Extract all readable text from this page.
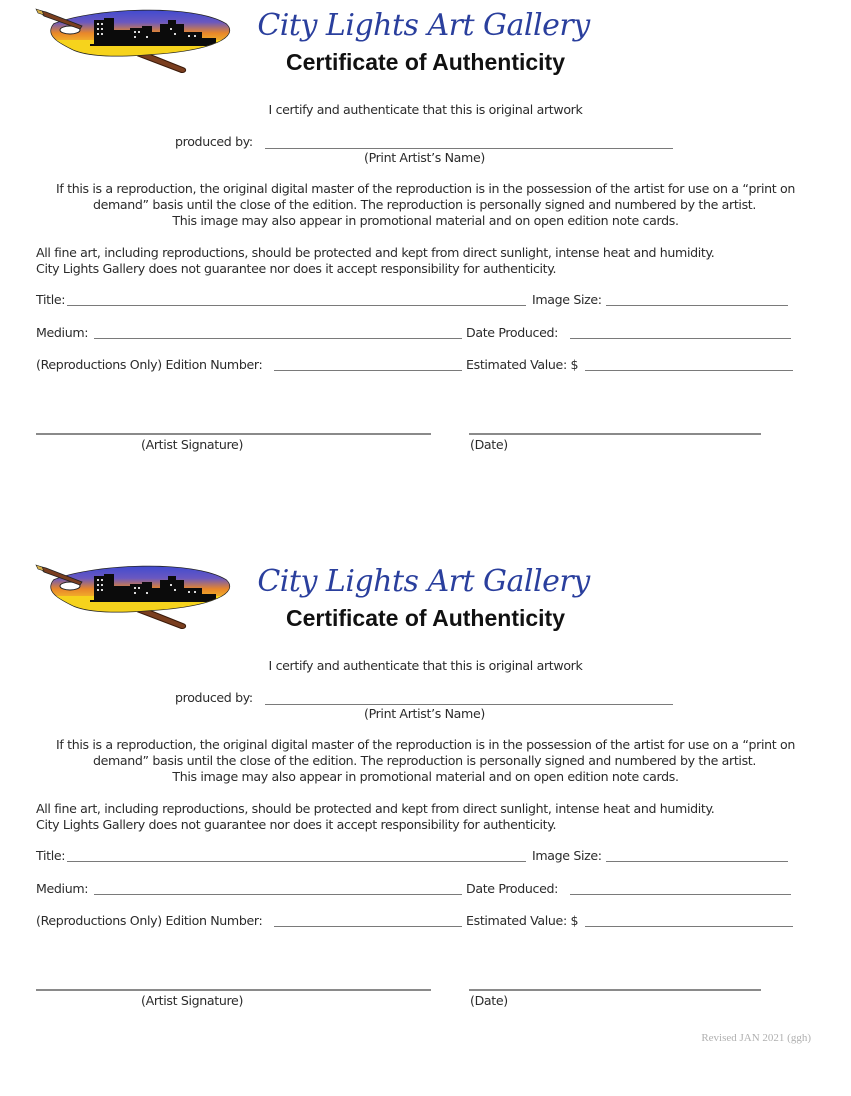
City Lights Art Gallery
Certificate of Authenticity
I certify and authenticate that this is original artwork
produced by:
(Print Artist’s Name)
If this is a reproduction, the original digital master of the reproduction is in the possession of the artist for use on a “print on
demand” basis until the close of the edition. The reproduction is personally signed and numbered by the artist.
This image may also appear in promotional material and on open edition note cards.
All fine art, including reproductions, should be protected and kept from direct sunlight, intense heat and humidity.
City Lights Gallery does not guarantee nor does it accept responsibility for authenticity.
Title:	Image Size:
Medium:	Date Produced:
(Reproductions Only) Edition Number:	Estimated Value: $
(Artist Signature)	(Date)
City Lights Art Gallery
Certificate of Authenticity
I certify and authenticate that this is original artwork
produced by:
(Print Artist’s Name)
If this is a reproduction, the original digital master of the reproduction is in the possession of the artist for use on a “print on
demand” basis until the close of the edition. The reproduction is personally signed and numbered by the artist.
This image may also appear in promotional material and on open edition note cards.
All fine art, including reproductions, should be protected and kept from direct sunlight, intense heat and humidity.
City Lights Gallery does not guarantee nor does it accept responsibility for authenticity.
Title:	Image Size:
Medium:	Date Produced:
(Reproductions Only) Edition Number:	Estimated Value: $
(Artist Signature)	(Date)
Revised JAN 2021 (ggh)
